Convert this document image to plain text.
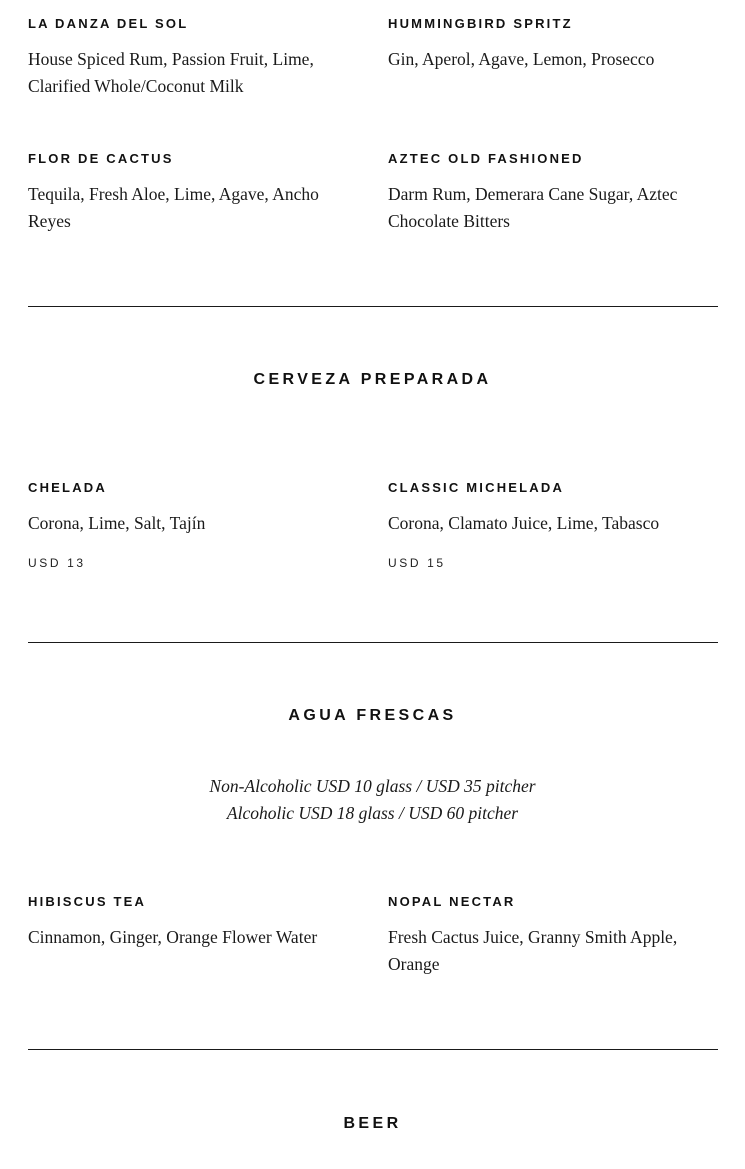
LA DANZA DEL SOL
House Spiced Rum, Passion Fruit, Lime, Clarified Whole/Coconut Milk
HUMMINGBIRD SPRITZ
Gin, Aperol, Agave, Lemon, Prosecco
FLOR DE CACTUS
Tequila, Fresh Aloe, Lime, Agave, Ancho Reyes
AZTEC OLD FASHIONED
Darm Rum, Demerara Cane Sugar, Aztec Chocolate Bitters
CERVEZA PREPARADA
CHELADA
Corona, Lime, Salt, Tajín
USD 13
CLASSIC MICHELADA
Corona, Clamato Juice, Lime, Tabasco
USD 15
AGUA FRESCAS
Non-Alcoholic USD 10 glass / USD 35 pitcher
Alcoholic USD 18 glass / USD 60 pitcher
HIBISCUS TEA
Cinnamon, Ginger, Orange Flower Water
NOPAL NECTAR
Fresh Cactus Juice, Granny Smith Apple, Orange
BEER
